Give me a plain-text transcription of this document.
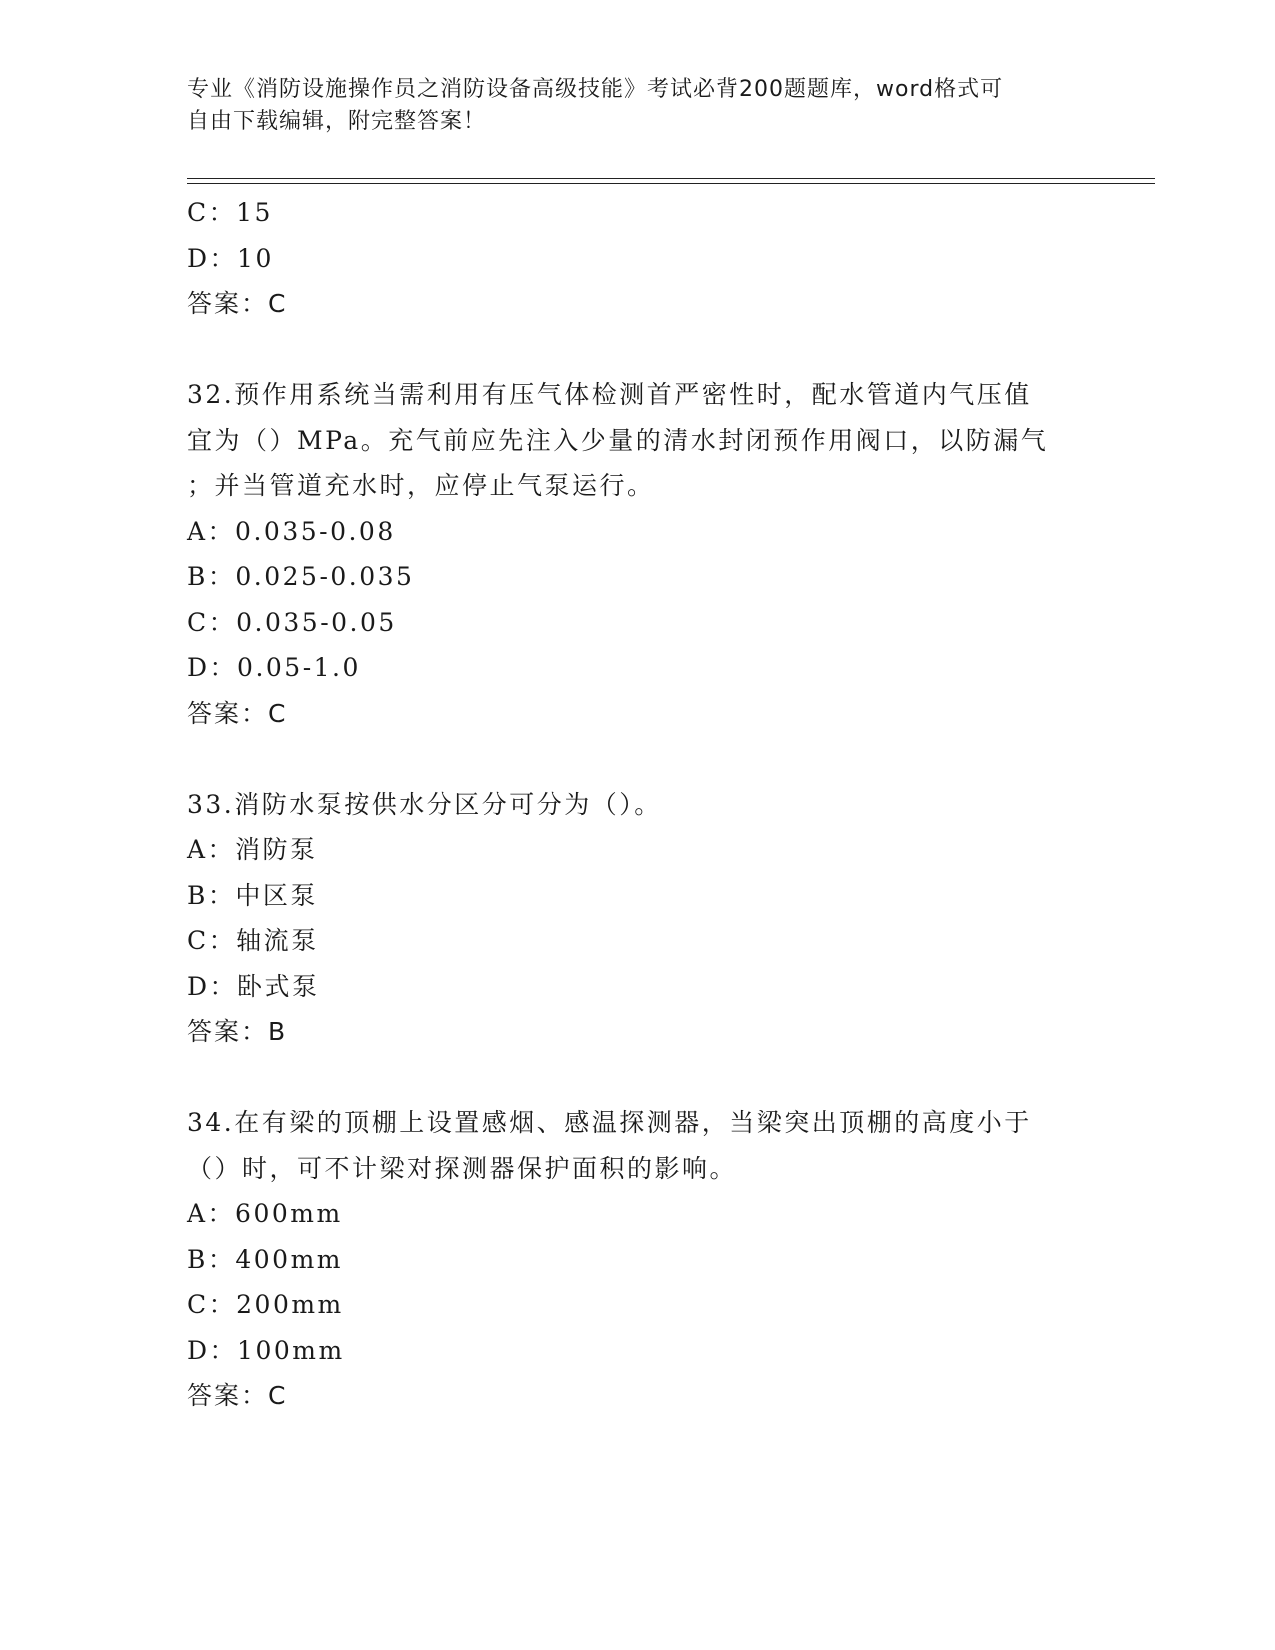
专业《消防设施操作员之消防设备高级技能》考试必背200题题库，word格式可
自由下载编辑，附完整答案！
C：15
D：10
答案：C
32.预作用系统当需利用有压气体检测首严密性时，配水管道内气压值
宜为（）MPa。充气前应先注入少量的清水封闭预作用阀口，以防漏气
；并当管道充水时，应停止气泵运行。
A：0.035-0.08
B：0.025-0.035
C：0.035-0.05
D：0.05-1.0
答案：C
33.消防水泵按供水分区分可分为（）。
A：消防泵
B：中区泵
C：轴流泵
D：卧式泵
答案：B
34.在有梁的顶棚上设置感烟、感温探测器，当梁突出顶棚的高度小于
（）时，可不计梁对探测器保护面积的影响。
A：600mm
B：400mm
C：200mm
D：100mm
答案：C
